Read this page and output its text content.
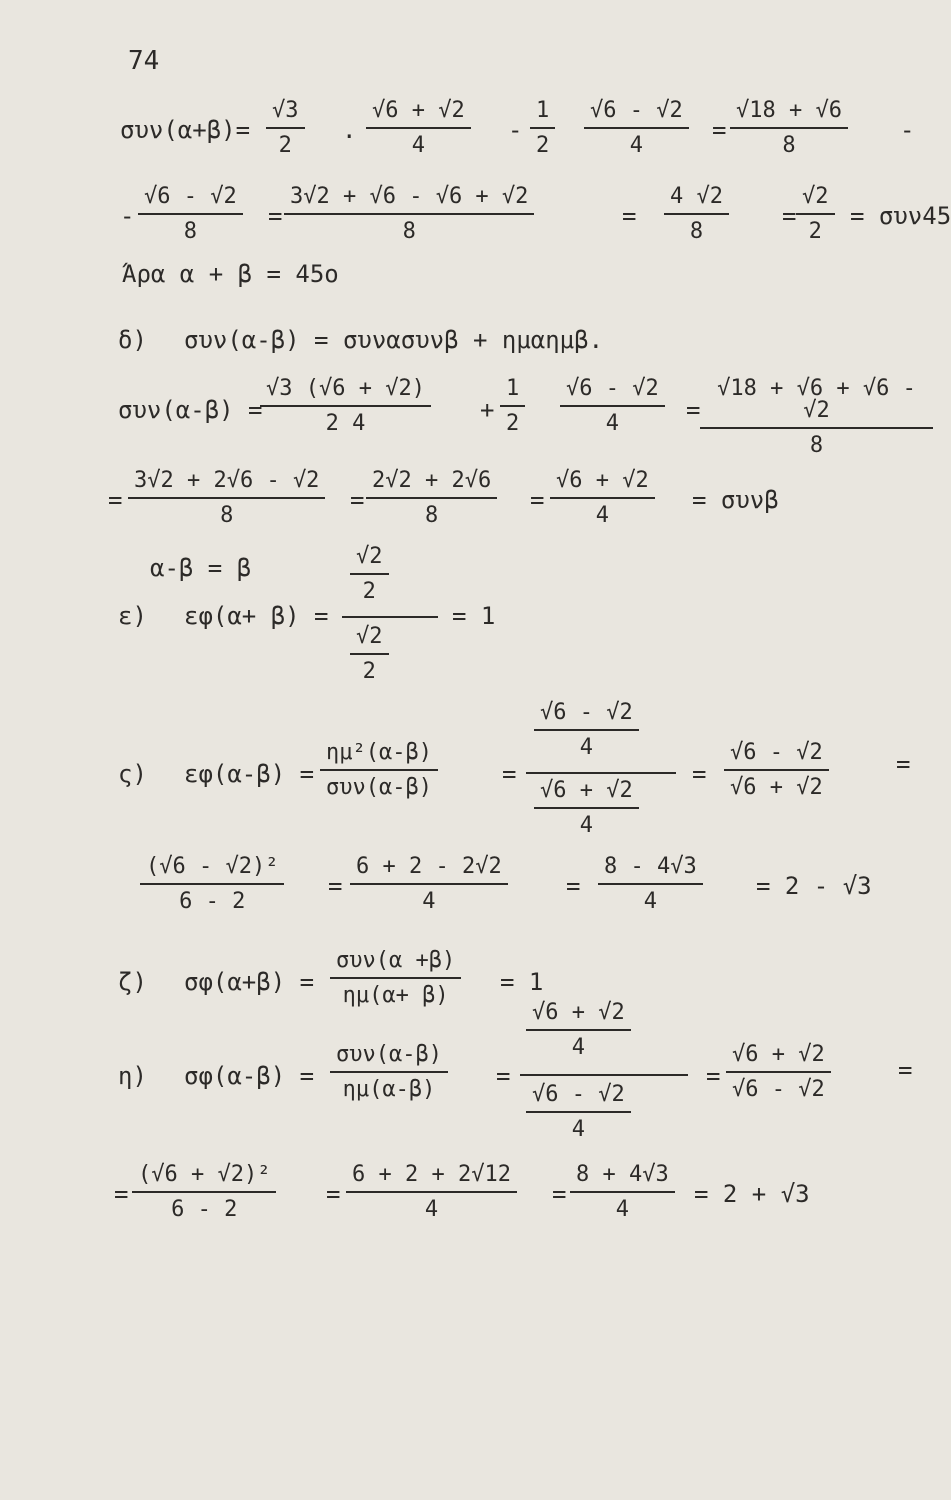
74
$\sigma\upsilon\nu(\alpha+\beta)= \frac{√3}{2}$ . $\frac{√6 + √2}{4} - \frac{1}{2} \frac{√6 - √2}{4} = \frac{√18 + √6}{8}$ -
- $\frac{√6 - √2}{8} = \frac{3√2 + √6 - √6 + √2}{8}$	= $\frac{4 √2}{8} = \frac{√2}{2} = \sigma\upsilon\nu 45$
Άρα α + β = 45ο
δ) συν(α-β) = συνασυνβ + ημαημβ.
συν(α-β) =
$\frac{√3 (√6 + √2)}{2 4} + \frac{1}{2} \frac{√6 - √2}{4} = \frac{√18 + √6 + √6 - √2}{8}$
= $\frac{3√2 + 2√6 - √2}{8} = \frac{2√2 + 2√6}{8} = \frac{√6 + √2}{4} = \sigma\upsilon\nu\beta$
α-β = β
ε) εφ(α+ β) =
$\frac{√2}{2}$
$\frac{√2}{2}$
= 1
ς) εφ(α-β) =
ημ²(α-β)
συν(α-β)	=
$\frac{√6 - √2}{4}$
$\frac{√6 + √2}{4}$
= $\frac{√6 - √2}{√6 + √2}$	=
$\frac{\text{(√6 - √2)²}}{6 - 2} = \frac{6 + 2 - 2√2}{4} = \frac{8 - 4√3}{4} = 2 - √3$
ζ) σφ(α+β) =
συν(α +β)
ημ(α+ β)	= 1
η) σφ(α-β) =
συν(α-β)
ημ(α-β)	=
$\frac{√6 + √2}{4}$
$\frac{√6 - √2}{4}$
= $\frac{√6 + √2}{√6 - √2}$	=
= $\frac{\text{(√6 + √2)²}}{6 - 2} = \frac{6 + 2 + 2√12}{4} = \frac{8 + 4√3}{4} = 2 + √3$
